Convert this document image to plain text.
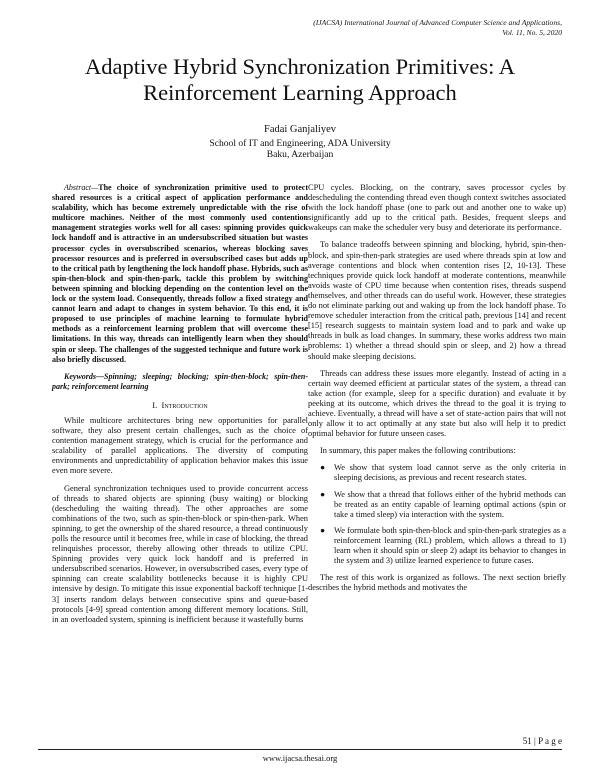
(IJACSA) International Journal of Advanced Computer Science and Applications,
Vol. 11, No. 5, 2020
Adaptive Hybrid Synchronization Primitives: A Reinforcement Learning Approach
Fadai Ganjaliyev
School of IT and Engineering, ADA University
Baku, Azerbaijan

Abstract—The choice of synchronization primitive used to protect shared resources is a critical aspect of application performance and scalability, which has become extremely unpredictable with the rise of multicore machines. Neither of the most commonly used contention management strategies works well for all cases: spinning provides quick lock handoff and is attractive in an undersubscribed situation but wastes processor cycles in oversubscribed scenarios, whereas blocking saves processor resources and is preferred in oversubscribed cases but adds up to the critical path by lengthening the lock handoff phase. Hybrids, such as spin-then-block and spin-then-park, tackle this problem by switching between spinning and blocking depending on the contention level on the lock or the system load. Consequently, threads follow a fixed strategy and cannot learn and adapt to changes in system behavior. To this end, it is proposed to use principles of machine learning to formulate hybrid methods as a reinforcement learning problem that will overcome these limitations. In this way, threads can intelligently learn when they should spin or sleep. The challenges of the suggested technique and future work is also briefly discussed.

Keywords—Spinning; sleeping; blocking; spin-then-block; spin-then-park; reinforcement learning

I. Introduction

While multicore architectures bring new opportunities for parallel software, they also present certain challenges, such as the choice of contention management strategy, which is crucial for the performance and scalability of parallel applications. The diversity of computing environments and unpredictability of application behavior makes this issue even more severe.

General synchronization techniques used to provide concurrent access of threads to shared objects are spinning (busy waiting) or blocking (descheduling the waiting thread). The other approaches are some combinations of the two, such as spin-then-block or spin-then-park. When spinning, to get the ownership of the shared resource, a thread continuously polls the resource until it becomes free, while in case of blocking, the thread relinquishes processor, thereby allowing other threads to utilize CPU. Spinning provides very quick lock handoff and is preferred in undersubscribed scenarios. However, in oversubscribed cases, every type of spinning can create scalability bottlenecks because it is highly CPU intensive by design. To mitigate this issue exponential backoff technique [1-3] inserts random delays between consecutive spins and queue-based protocols [4-9] spread contention among different memory locations. Still, in an overloaded system, spinning is inefficient because it wastefully burns

CPU cycles. Blocking, on the contrary, saves processor cycles by descheduling the contending thread even though context switches associated with the lock handoff phase (one to park out and another one to wake up) significantly add up to the critical path. Besides, frequent sleeps and wakeups can make the scheduler very busy and deteriorate its performance.

To balance tradeoffs between spinning and blocking, hybrid, spin-then-block, and spin-then-park strategies are used where threads spin at low and average contentions and block when contention rises [2, 10-13]. These techniques provide quick lock handoff at moderate contentions, meanwhile avoids waste of CPU time because when contention rises, threads suspend themselves, and other threads can do useful work. However, these strategies do not eliminate parking out and waking up from the lock handoff phase. To remove scheduler interaction from the critical path, previous [14] and recent [15] research suggests to maintain system load and to park and wake up threads in bulk as load changes. In summary, these works address two main problems: 1) whether a thread should spin or sleep, and 2) how a thread should make sleeping decisions.

Threads can address these issues more elegantly. Instead of acting in a certain way deemed efficient at particular states of the system, a thread can take action (for example, sleep for a specific duration) and evaluate it by peeking at its outcome, which drives the thread to the goal it is trying to achieve. Eventually, a thread will have a set of state-action pairs that will not only allow it to act optimally at any state but also will help it to predict optimal behavior for future unseen cases.

In summary, this paper makes the following contributions:

● We show that system load cannot serve as the only criteria in sleeping decisions, as previous and recent research states.
● We show that a thread that follows either of the hybrid methods can be treated as an entity capable of learning optimal actions (spin or take a timed sleep) via interaction with the system.
● We formulate both spin-then-block and spin-then-park strategies as a reinforcement learning (RL) problem, which allows a thread to 1) learn when it should spin or sleep 2) adapt its behavior to changes in the system and 3) utilize learned experience to future cases.

The rest of this work is organized as follows. The next section briefly describes the hybrid methods and motivates the

51 | P a g e
www.ijacsa.thesai.org
